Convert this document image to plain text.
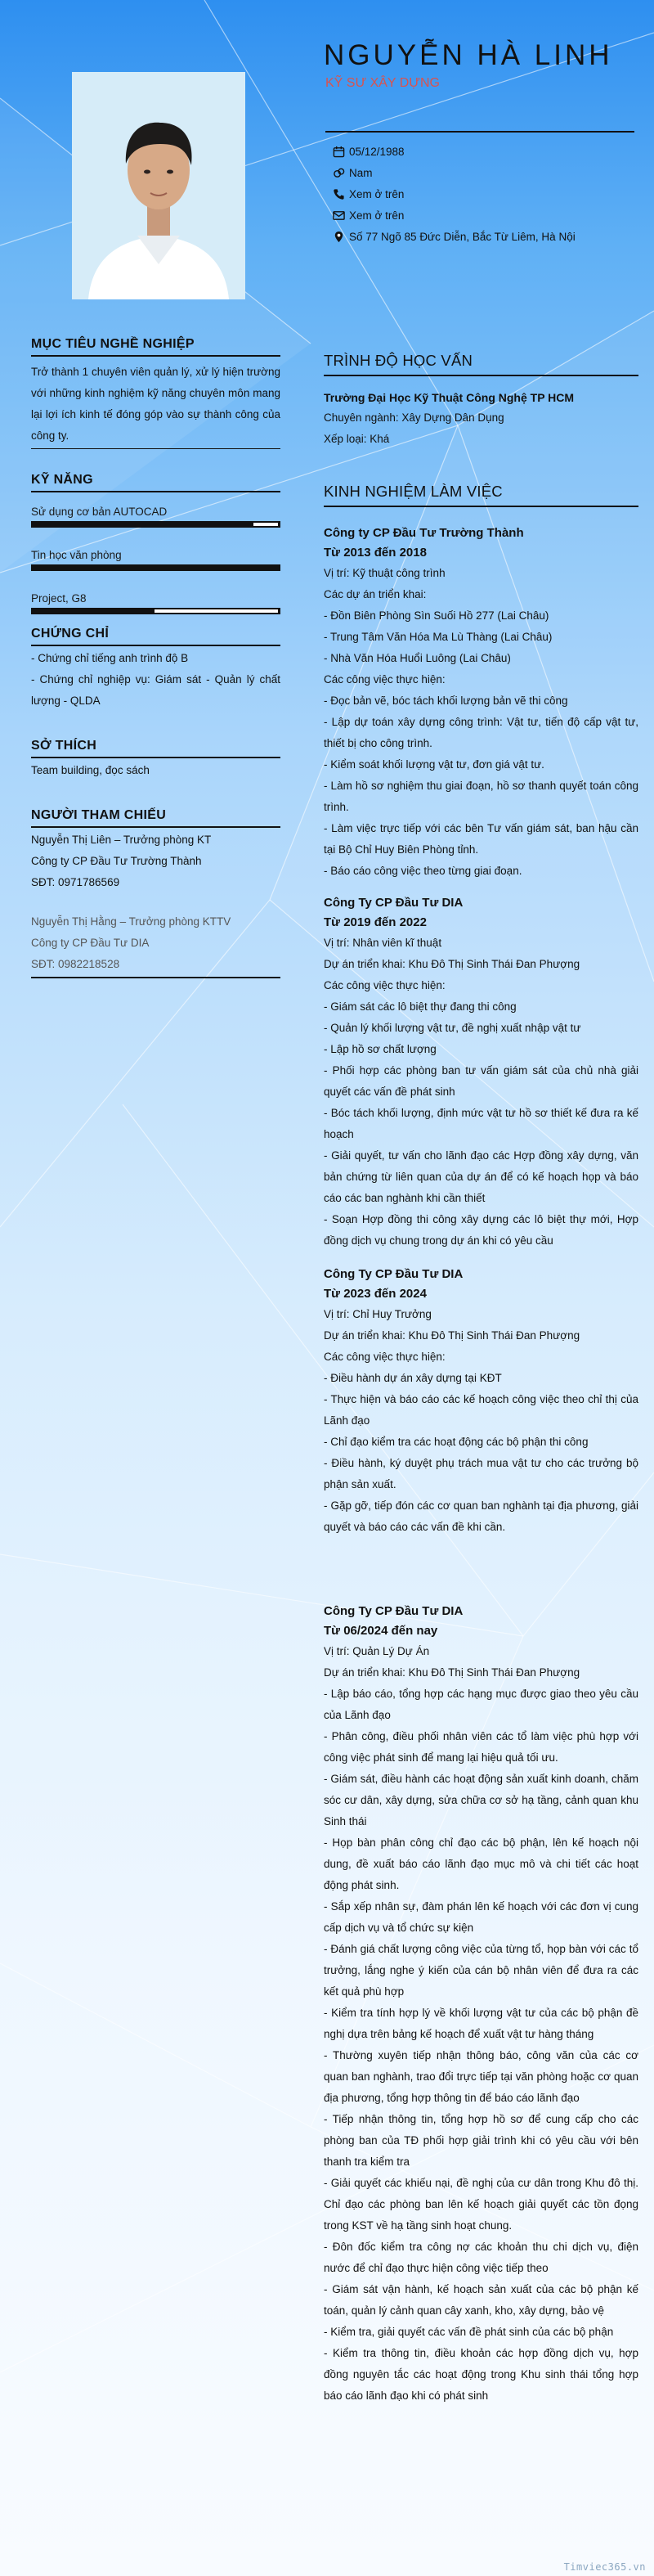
NGUYỄN HÀ LINH
KỸ SƯ XÂY DỰNG
05/12/1988
Nam
Xem ở trên
Xem ở trên
Số 77 Ngõ 85 Đức Diễn, Bắc Từ Liêm, Hà Nội
MỤC TIÊU NGHỀ NGHIỆP

Trở thành 1 chuyên viên quản lý, xử lý hiện trường với những kinh nghiệm kỹ năng chuyên môn mang lại lợi ích kinh tế đóng góp vào sự thành công của công ty.

KỸ NĂNG
Sử dụng cơ bản AUTOCAD
Tin học văn phòng
Project, G8
CHỨNG CHỈ

- Chứng chỉ tiếng anh trình độ B

- Chứng chỉ nghiệp vụ: Giám sát - Quản lý chất lượng - QLDA

SỞ THÍCH

Team building, đọc sách

NGƯỜI THAM CHIẾU

Nguyễn Thị Liên – Trưởng phòng KT

Công ty CP Đầu Tư Trường Thành

SĐT: 0971786569

Nguyễn Thị Hằng – Trưởng phòng KTTV

Công ty CP Đầu Tư DIA

SĐT: 0982218528

TRÌNH ĐỘ HỌC VẤN
Trường Đại Học Kỹ Thuật Công Nghệ TP HCM
Chuyên ngành: Xây Dựng Dân Dụng
Xếp loại: Khá
KINH NGHIỆM LÀM VIỆC
Công ty CP Đầu Tư Trường Thành
Từ 2013 đến 2018
Vị trí: Kỹ thuật công trình
Các dự án triển khai:
- Đồn Biên Phòng Sìn Suối Hồ 277 (Lai Châu)
- Trung Tâm Văn Hóa Ma Lù Thàng (Lai Châu)
- Nhà Văn Hóa Huổi Luông (Lai Châu)
Các công việc thực hiện:
- Đọc bản vẽ, bóc tách khối lượng bản vẽ thi công
- Lập dự toán xây dựng công trình: Vật tư, tiến độ cấp vật tư, thiết bị cho công trình.
- Kiểm soát khối lượng vật tư, đơn giá vật tư.
- Làm hồ sơ nghiệm thu giai đoạn, hồ sơ thanh quyết toán công trình.
- Làm việc trực tiếp với các bên Tư vấn giám sát, ban hậu cần tại Bộ Chỉ Huy Biên Phòng tỉnh.
- Báo cáo công việc theo từng giai đoạn.
Công Ty CP Đầu Tư DIA
Từ 2019 đến 2022
Vị trí: Nhân viên kĩ thuật
Dự án triển khai: Khu Đô Thị Sinh Thái Đan Phượng
Các công việc thực hiện:
- Giám sát các lô biệt thự đang thi công
- Quản lý khối lượng vật tư, đề nghị xuất nhập vật tư
- Lập hồ sơ chất lượng
- Phối hợp các phòng ban tư vấn giám sát của chủ nhà giải quyết các vấn đề phát sinh
- Bóc tách khối lượng, định mức vật tư hồ sơ thiết kế đưa ra kế hoạch
- Giải quyết, tư vấn cho lãnh đạo các Hợp đồng xây dựng, văn bản chứng từ liên quan của dự án để có kế hoạch họp và báo cáo các ban nghành khi cần thiết
- Soạn Hợp đồng thi công xây dựng các lô biệt thự mới, Hợp đồng dịch vụ chung trong dự án khi có yêu cầu
Công Ty CP Đầu Tư DIA
Từ 2023 đến 2024
Vị trí: Chỉ Huy Trưởng
Dự án triển khai: Khu Đô Thị Sinh Thái Đan Phượng
Các công việc thực hiện:
- Điều hành dự án xây dựng tại KĐT
- Thực hiện và báo cáo các kế hoạch công việc theo chỉ thị của Lãnh đạo
- Chỉ đạo kiểm tra các hoạt động các bộ phận thi công
- Điều hành, ký duyệt phụ trách mua vật tư cho các trưởng bộ phận sản xuất.
- Gặp gỡ, tiếp đón các cơ quan ban nghành tại địa phương, giải quyết và báo cáo các vấn đề khi cần.
Công Ty CP Đầu Tư DIA
Từ 06/2024 đến nay
Vị trí: Quản Lý Dự Án
Dự án triển khai: Khu Đô Thị Sinh Thái Đan Phượng
- Lập báo cáo, tổng hợp các hạng mục được giao theo yêu cầu của Lãnh đạo
- Phân công, điều phối nhân viên các tổ làm việc phù hợp với công việc phát sinh để mang lại hiệu quả tối ưu.
- Giám sát, điều hành các hoạt động sản xuất kinh doanh, chăm sóc cư dân, xây dựng, sửa chữa cơ sở hạ tầng, cảnh quan khu Sinh thái
- Họp bàn phân công chỉ đạo các bộ phận, lên kế hoạch nội dung, đề xuất báo cáo lãnh đạo mục mô và chi tiết các hoạt động phát sinh.
- Sắp xếp nhân sự, đàm phán lên kế hoạch với các đơn vị cung cấp dịch vụ và tổ chức sự kiện
- Đánh giá chất lượng công việc của từng tổ, họp bàn với các tổ trưởng, lắng nghe ý kiến của cán bộ nhân viên để đưa ra các kết quả phù hợp
- Kiểm tra tính hợp lý về khối lượng vật tư của các bộ phận đề nghị dựa trên bảng kế hoạch để xuất vật tư hàng tháng
- Thường xuyên tiếp nhận thông báo, công văn của các cơ quan ban nghành, trao đổi trực tiếp tại văn phòng hoặc cơ quan địa phương, tổng hợp thông tin để báo cáo lãnh đạo
- Tiếp nhận thông tin, tổng hợp hồ sơ để cung cấp cho các phòng ban của TĐ phối hợp giải trình khi có yêu cầu với bên thanh tra kiểm tra
- Giải quyết các khiếu nại, đề nghị của cư dân trong Khu đô thị. Chỉ đạo các phòng ban lên kế hoạch giải quyết các tồn đọng trong KST về hạ tầng sinh hoạt chung.
- Đôn đốc kiểm tra công nợ các khoản thu chi dịch vụ, điện nước để chỉ đạo thực hiện công việc tiếp theo
- Giám sát vận hành, kế hoạch sản xuất của các bộ phận kế toán, quản lý cảnh quan cây xanh, kho, xây dựng, bảo vệ
- Kiểm tra, giải quyết các vấn đề phát sinh của các bộ phận
- Kiểm tra thông tin, điều khoản các hợp đồng dịch vụ, hợp đồng nguyên tắc các hoạt động trong Khu sinh thái tổng hợp báo cáo lãnh đạo khi có phát sinh
Timviec365.vn
